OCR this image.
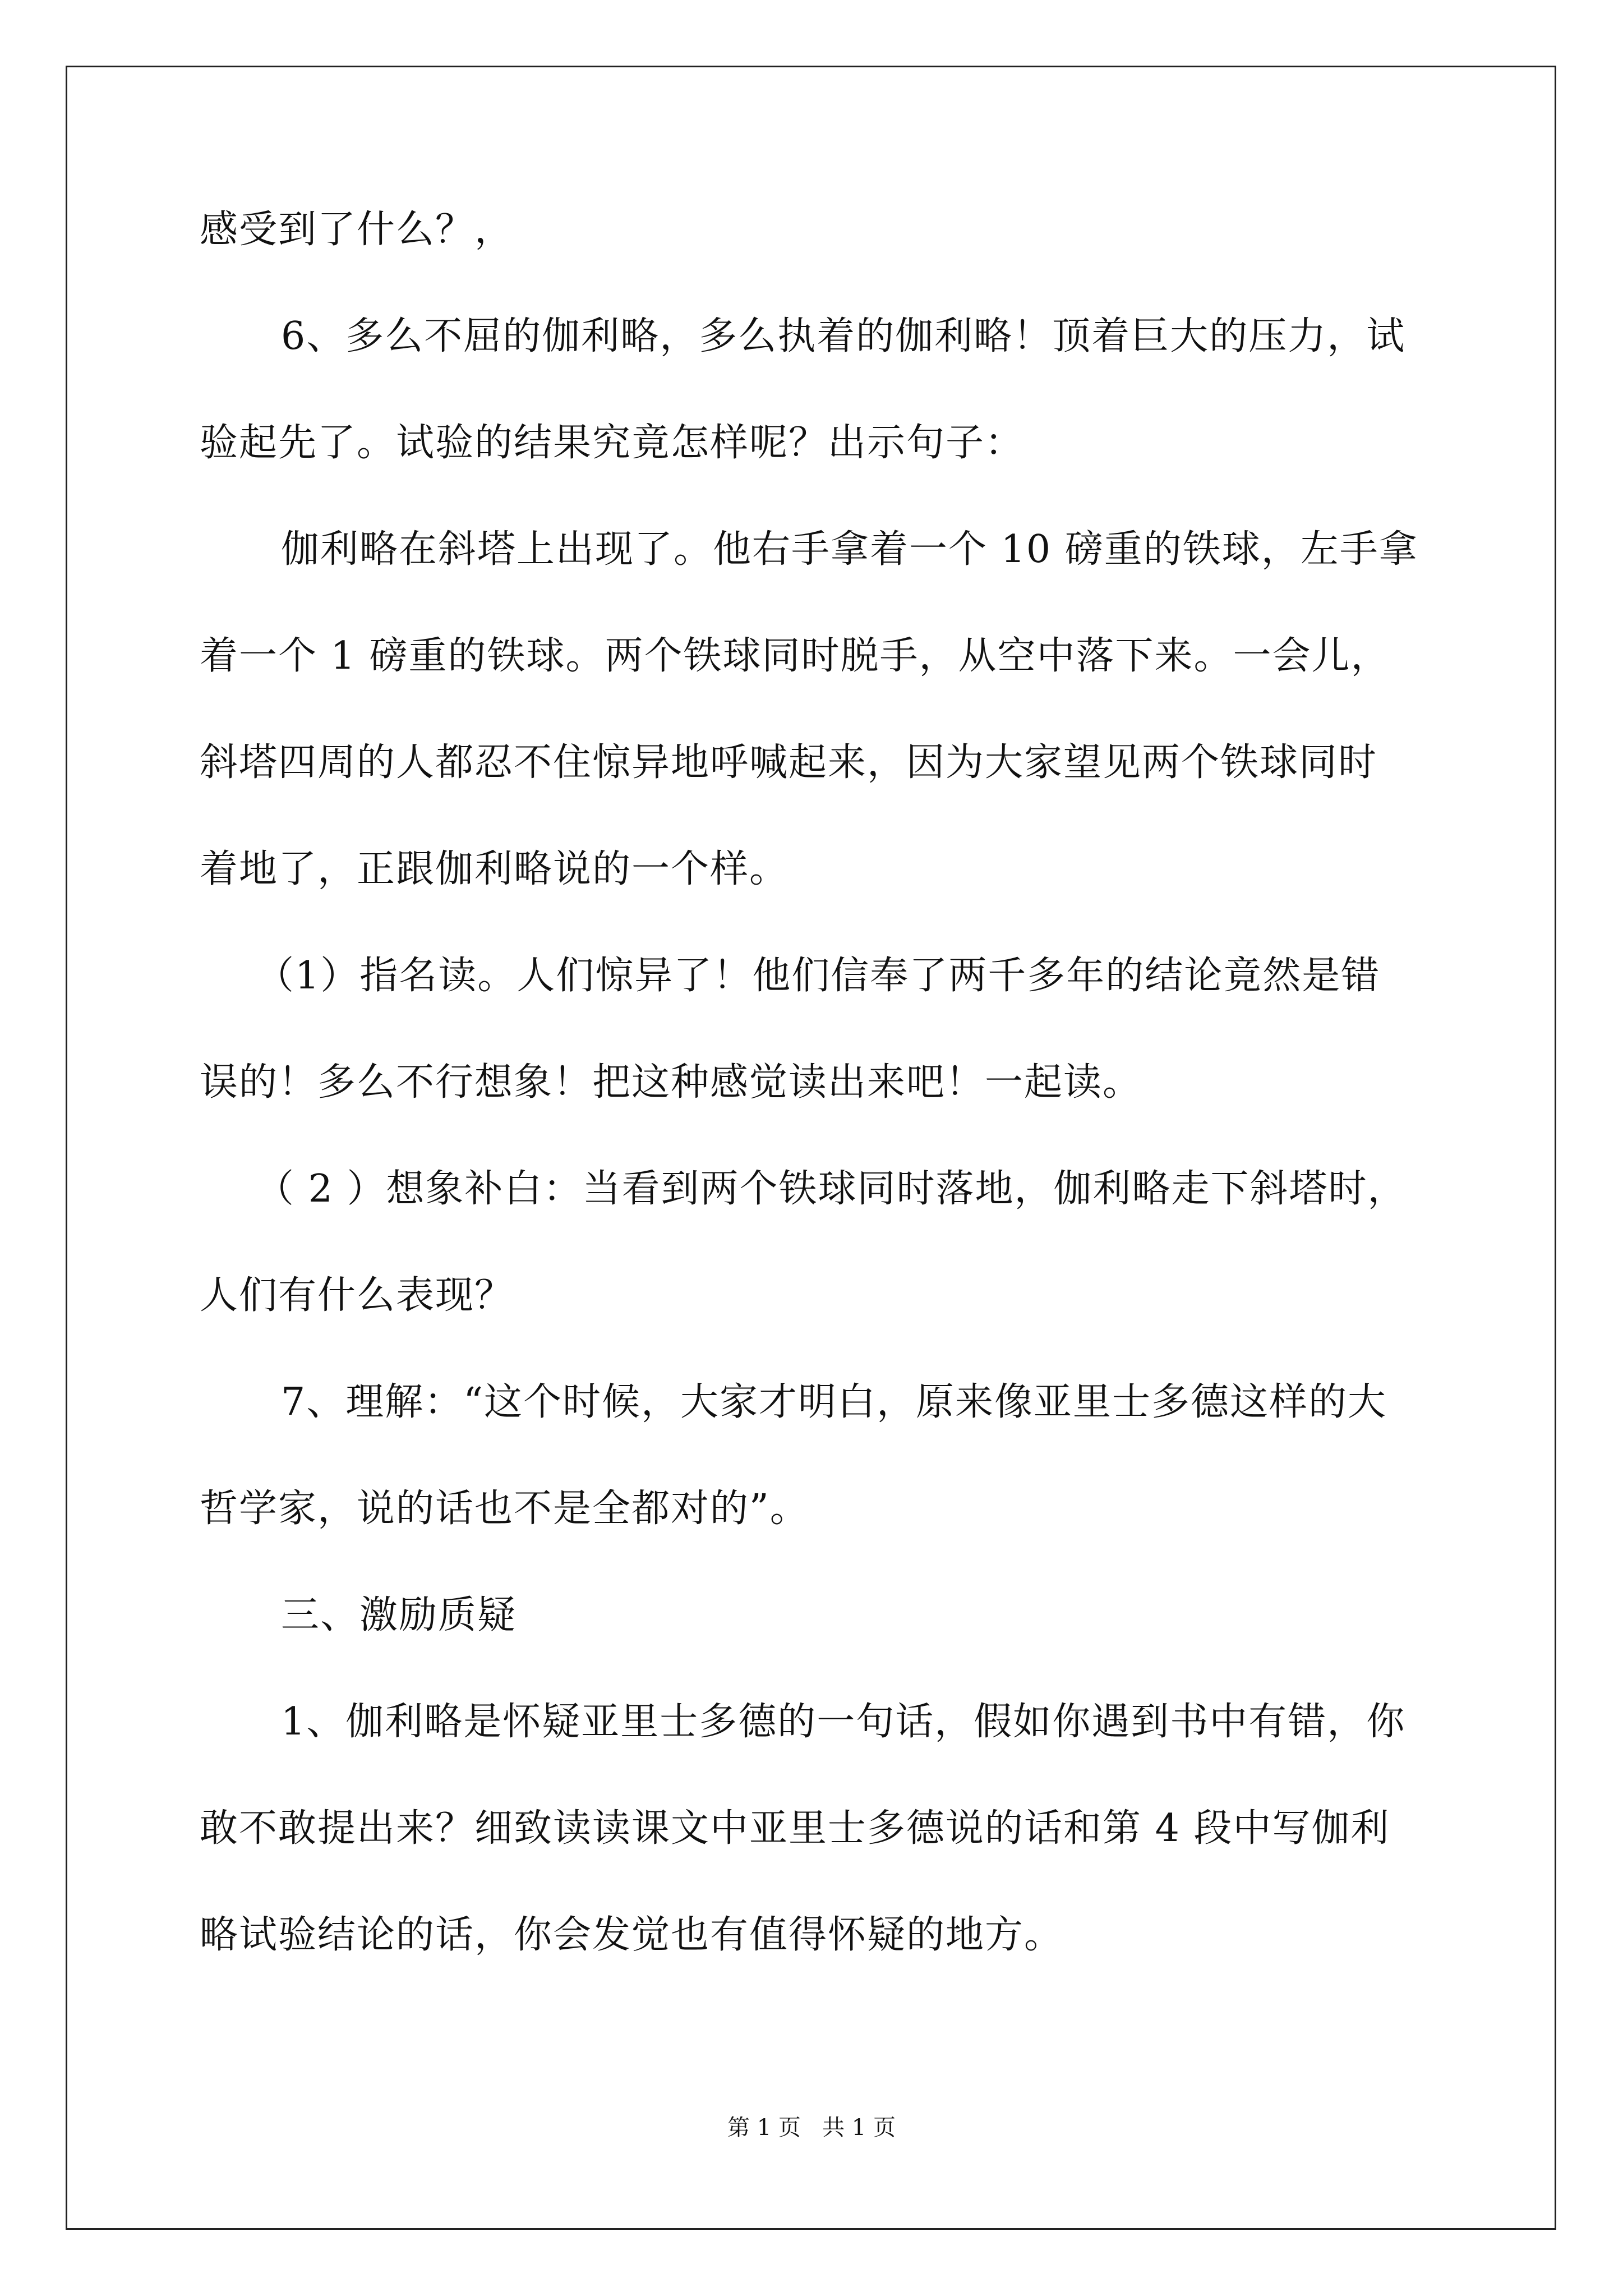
感受到了什么？，
6、多么不屈的伽利略，多么执着的伽利略！顶着巨大的压力，试
验起先了。试验的结果究竟怎样呢？出示句子：
伽利略在斜塔上出现了。他右手拿着一个 10 磅重的铁球，左手拿
着一个 1 磅重的铁球。两个铁球同时脱手，从空中落下来。一会儿，
斜塔四周的人都忍不住惊异地呼喊起来，因为大家望见两个铁球同时
着地了，正跟伽利略说的一个样。
（1）指名读。人们惊异了！他们信奉了两千多年的结论竟然是错
误的！多么不行想象！把这种感觉读出来吧！一起读。
（ 2 ）想象补白：当看到两个铁球同时落地，伽利略走下斜塔时，
人们有什么表现？
7、理解：“这个时候，大家才明白，原来像亚里士多德这样的大
哲学家，说的话也不是全都对的”。
三、激励质疑
1、伽利略是怀疑亚里士多德的一句话，假如你遇到书中有错，你
敢不敢提出来？细致读读课文中亚里士多德说的话和第 4 段中写伽利
略试验结论的话，你会发觉也有值得怀疑的地方。
第 1 页   共 1 页
